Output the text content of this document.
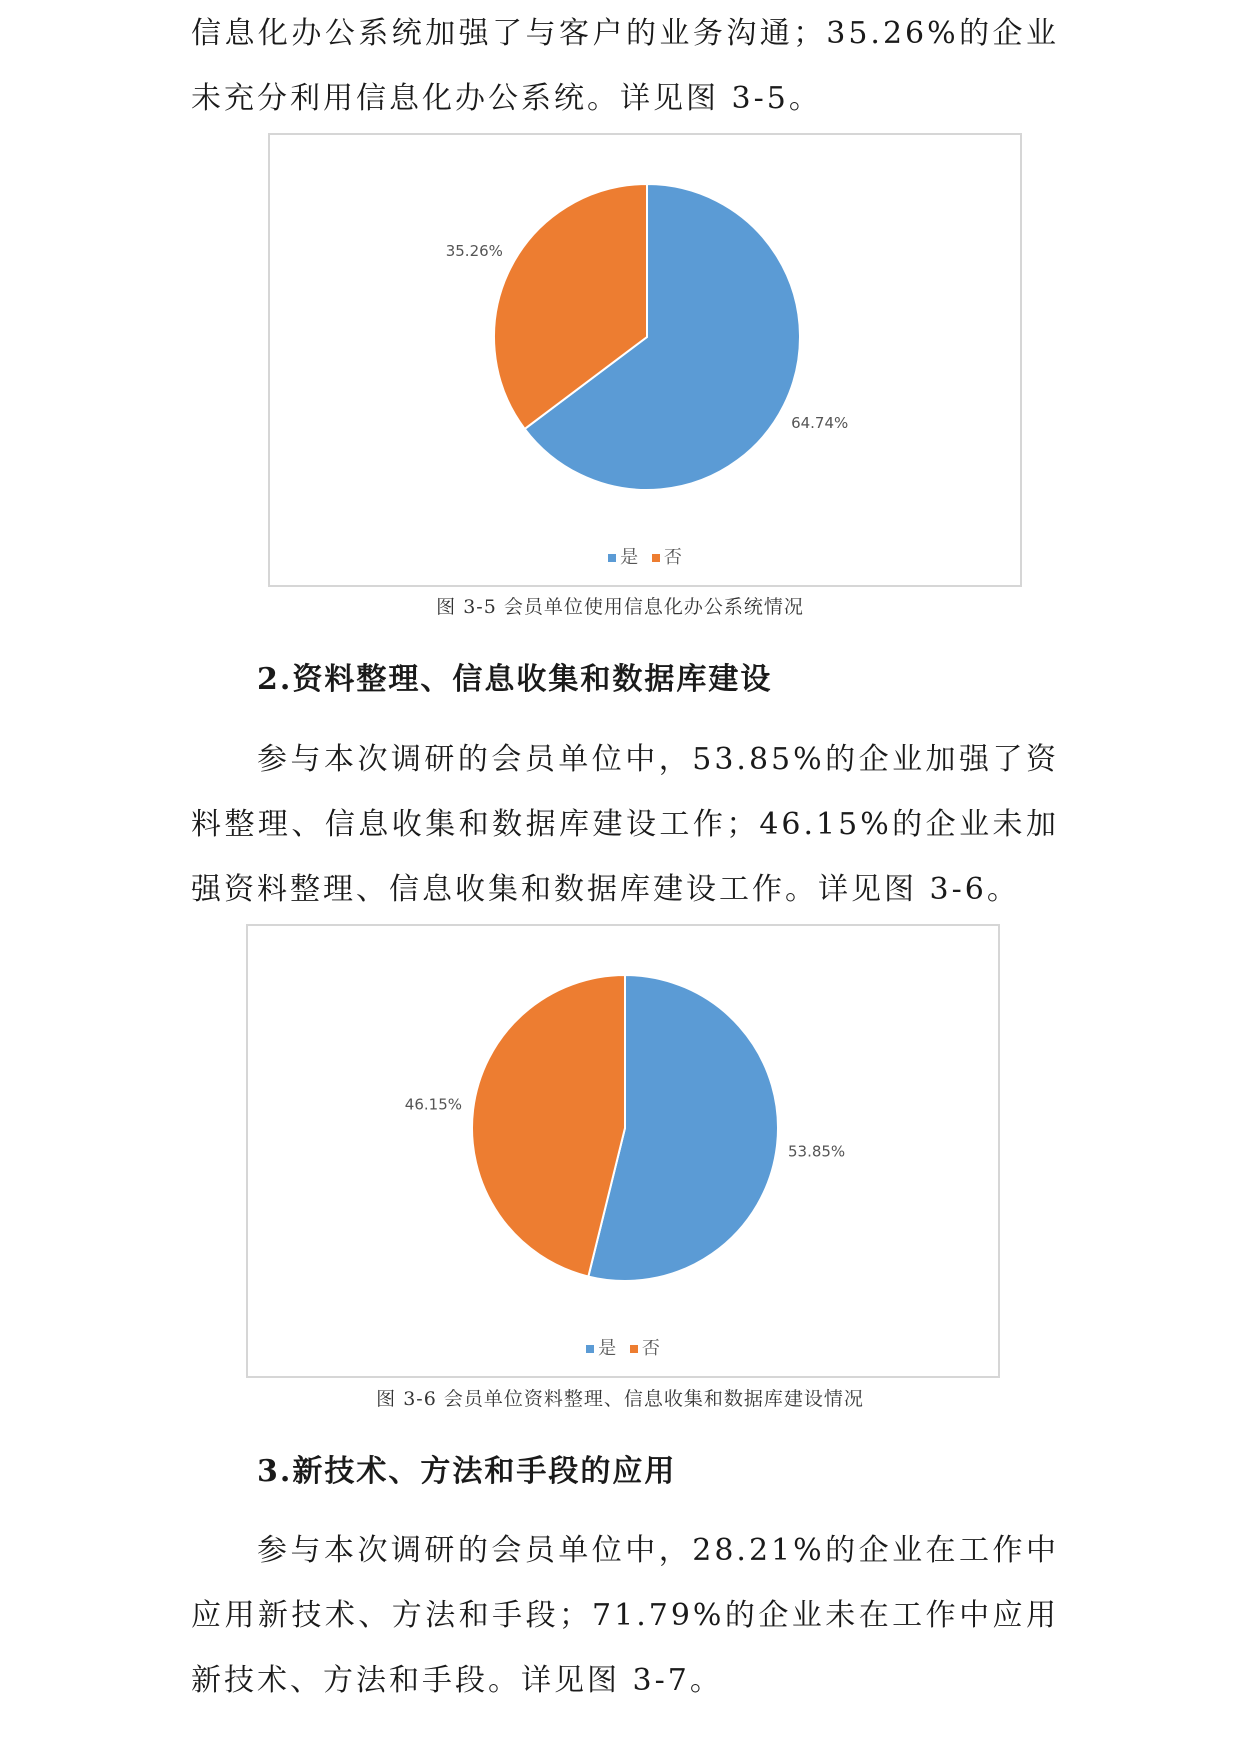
信息化办公系统加强了与客户的业务沟通；35.26%的企业未充分利用信息化办公系统。详见图 3-5。

64.74%
35.26%
是 否

图 3-5 会员单位使用信息化办公系统情况

2.资料整理、信息收集和数据库建设

参与本次调研的会员单位中，53.85%的企业加强了资料整理、信息收集和数据库建设工作；46.15%的企业未加强资料整理、信息收集和数据库建设工作。详见图 3-6。

53.85%
46.15%
是 否

图 3-6 会员单位资料整理、信息收集和数据库建设情况

3.新技术、方法和手段的应用

参与本次调研的会员单位中，28.21%的企业在工作中应用新技术、方法和手段；71.79%的企业未在工作中应用新技术、方法和手段。详见图 3-7。
